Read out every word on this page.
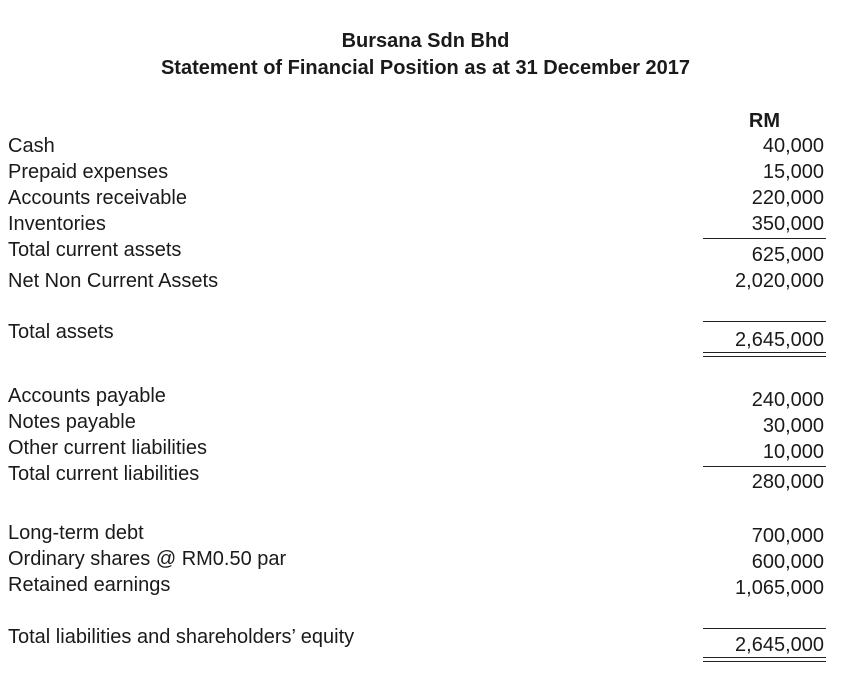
Bursana Sdn Bhd
Statement of Financial Position as at 31 December 2017
RM
Cash	40,000
Prepaid expenses	15,000
Accounts receivable	220,000
Inventories	350,000
Total current assets	625,000
Net Non Current Assets	2,020,000
Total assets	2,645,000
Accounts payable	240,000
Notes payable	30,000
Other current liabilities	10,000
Total current liabilities	280,000
Long-term debt	700,000
Ordinary shares @ RM0.50 par	600,000
Retained earnings	1,065,000
Total liabilities and shareholders’ equity	2,645,000
